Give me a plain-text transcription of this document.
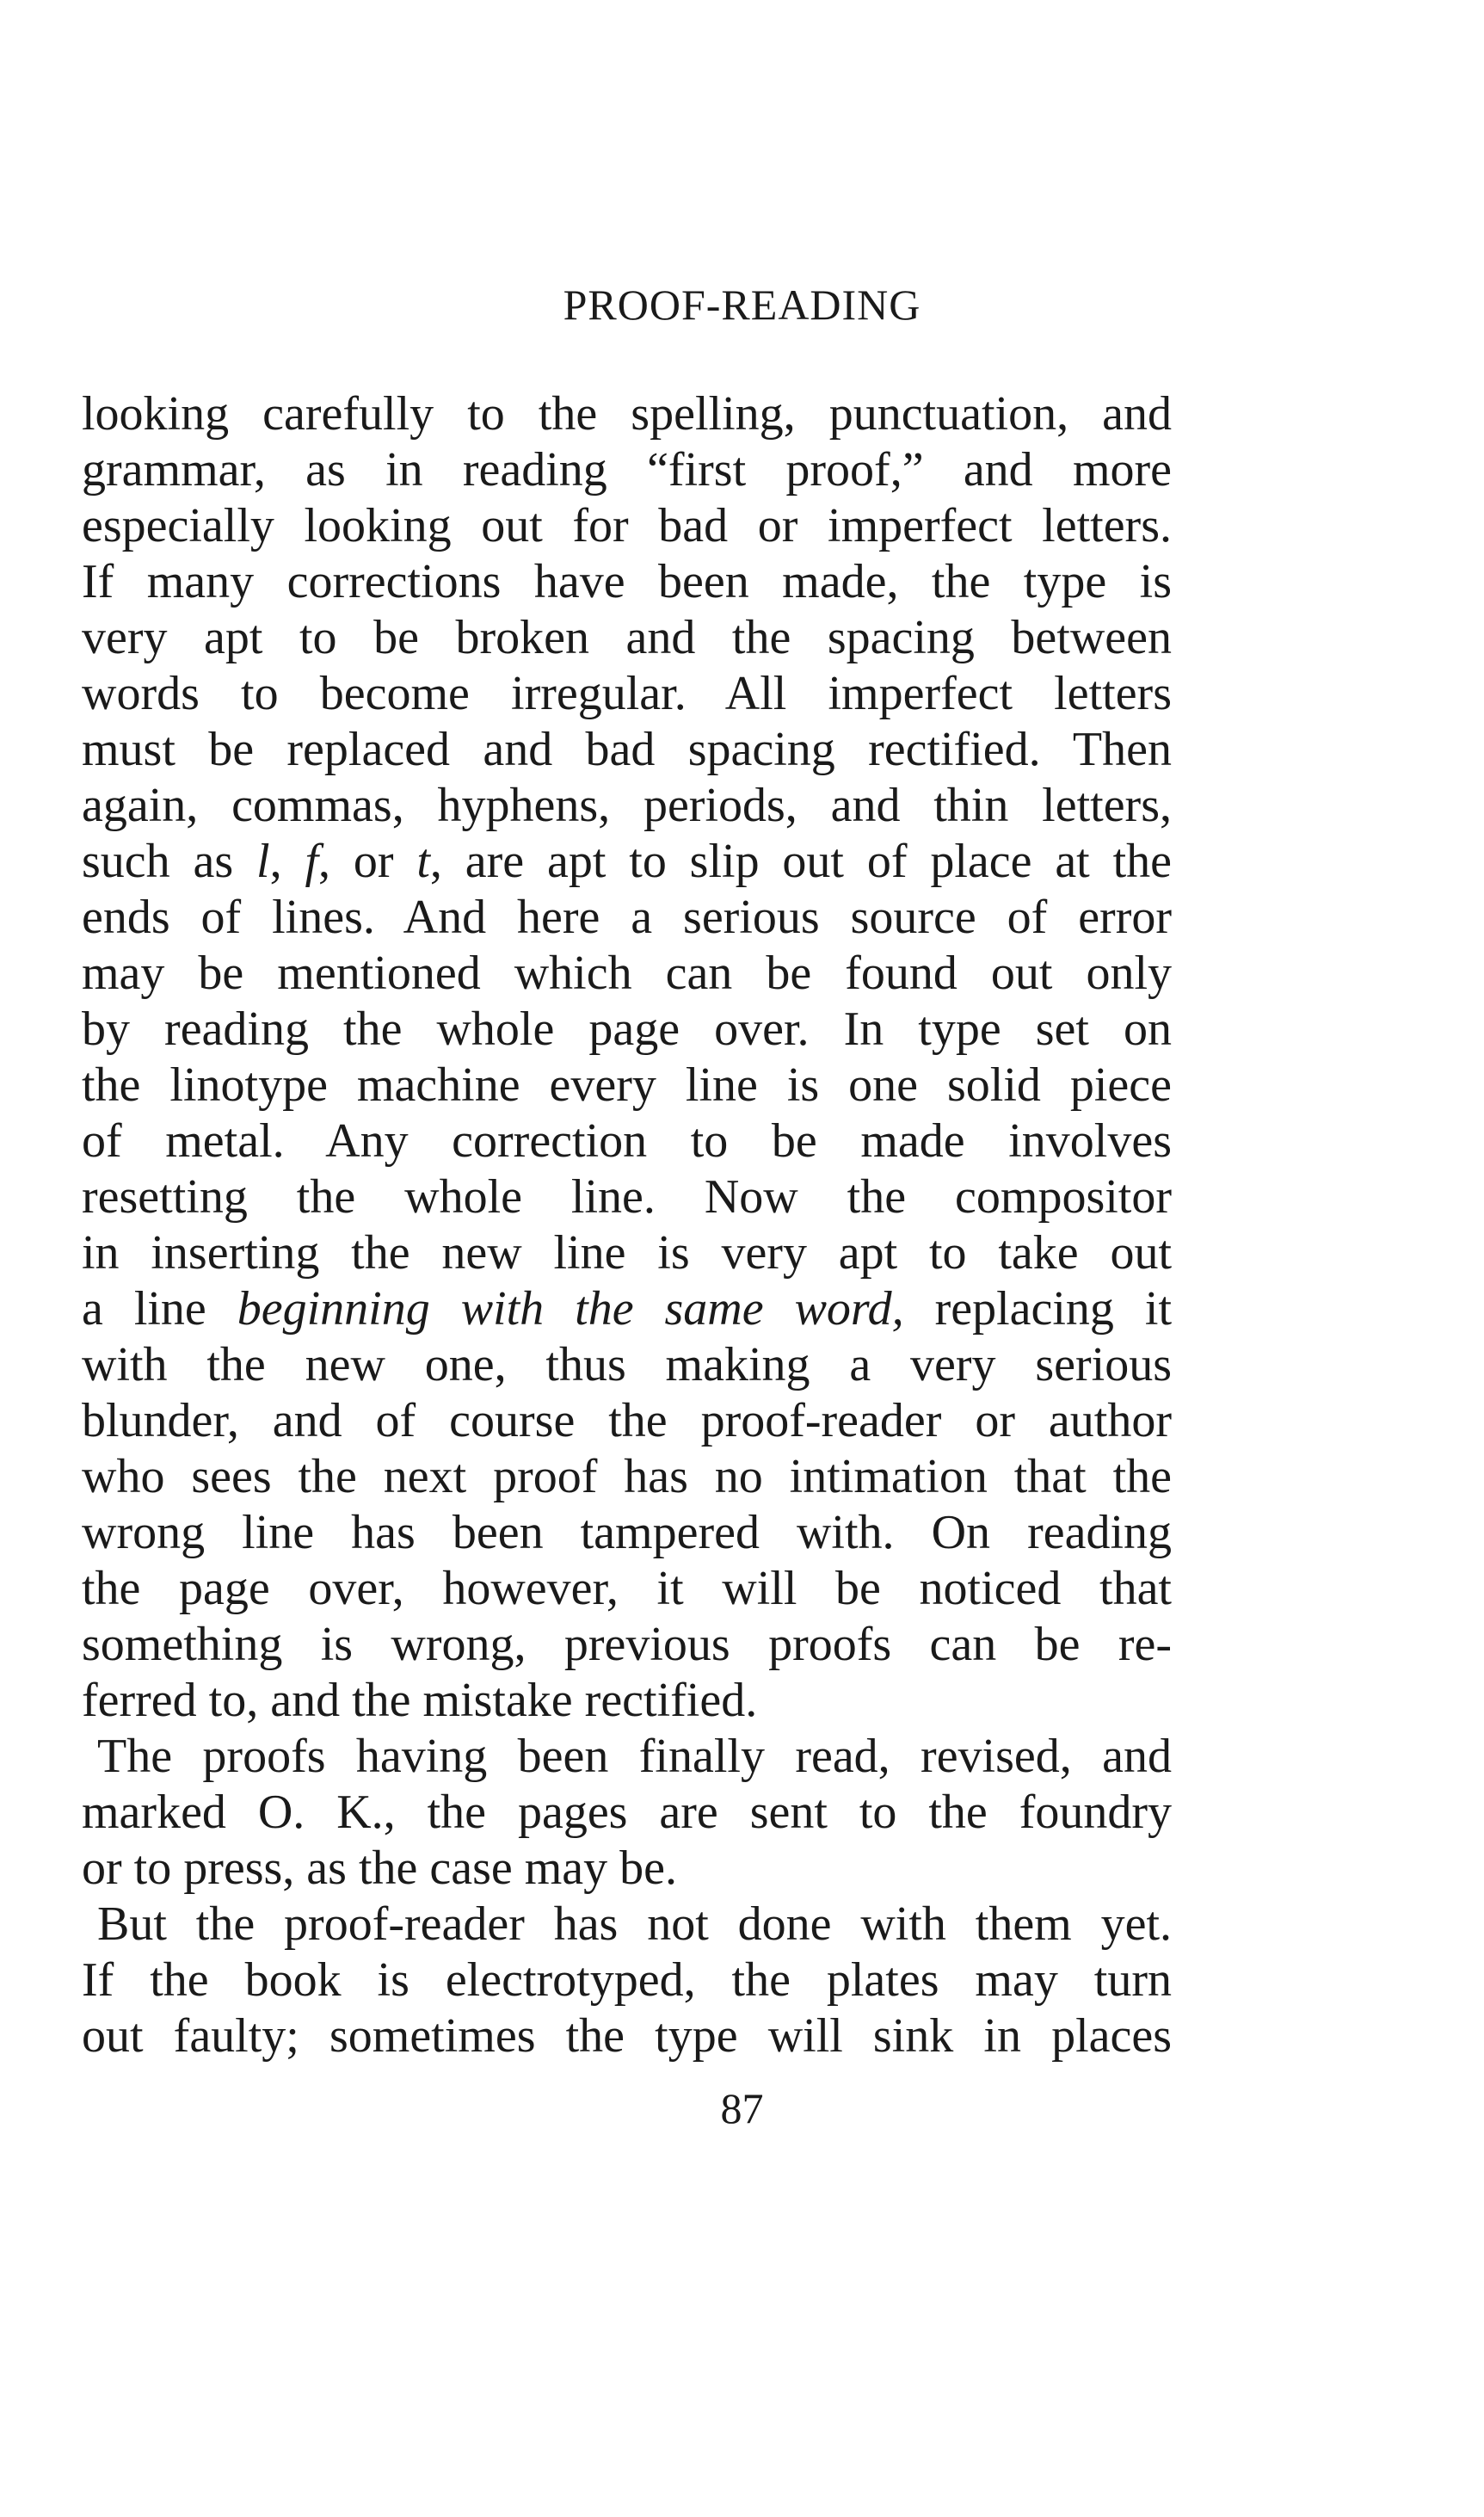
PROOF-READING
looking carefully to the spelling, punctuation, and
grammar, as in reading “first proof,” and more
especially looking out for bad or imperfect letters.
If many corrections have been made, the type is
very apt to be broken and the spacing between
words to become irregular. All imperfect letters
must be replaced and bad spacing rectified. Then
again, commas, hyphens, periods, and thin letters,
such as l, f, or t, are apt to slip out of place at the
ends of lines. And here a serious source of error
may be mentioned which can be found out only
by reading the whole page over. In type set on
the linotype machine every line is one solid piece
of metal. Any correction to be made involves
resetting the whole line. Now the compositor
in inserting the new line is very apt to take out
a line beginning with the same word, replacing it
with the new one, thus making a very serious
blunder, and of course the proof-reader or author
who sees the next proof has no intimation that the
wrong line has been tampered with. On reading
the page over, however, it will be noticed that
something is wrong, previous proofs can be re-
ferred to, and the mistake rectified.
The proofs having been finally read, revised, and
marked O. K., the pages are sent to the foundry
or to press, as the case may be.
But the proof-reader has not done with them yet.
If the book is electrotyped, the plates may turn
out faulty; sometimes the type will sink in places
87
